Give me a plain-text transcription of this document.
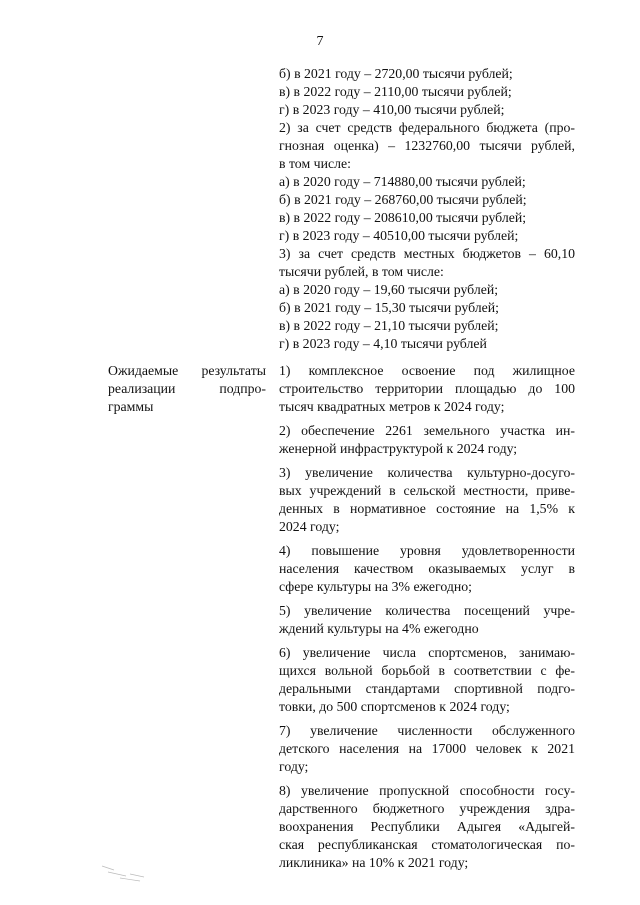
7
б) в 2021 году – 2720,00 тысячи рублей;
в) в 2022 году – 2110,00 тысячи рублей;
г) в 2023 году – 410,00 тысячи рублей;
2) за счет средств федерального бюджета (про-
гнозная оценка) – 1232760,00 тысячи рублей,
в том числе:
а) в 2020 году – 714880,00 тысячи рублей;
б) в 2021 году – 268760,00 тысячи рублей;
в) в 2022 году – 208610,00 тысячи рублей;
г) в 2023 году – 40510,00 тысячи рублей;
3) за счет средств местных бюджетов – 60,10
тысячи рублей, в том числе:
а) в 2020 году – 19,60 тысячи рублей;
б) в 2021 году – 15,30 тысячи рублей;
в) в 2022 году – 21,10 тысячи рублей;
г) в 2023 году – 4,10 тысячи рублей
Ожидаемые результаты
реализации подпро-
граммы
1) комплексное освоение под жилищное
строительство территории площадью до 100
тысяч квадратных метров к 2024 году;
2) обеспечение 2261 земельного участка ин-
женерной инфраструктурой к 2024 году;
3) увеличение количества культурно-досуго-
вых учреждений в сельской местности, приве-
денных в нормативное состояние на 1,5% к
2024 году;
4) повышение уровня удовлетворенности
населения качеством оказываемых услуг в
сфере культуры на 3% ежегодно;
5) увеличение количества посещений учре-
ждений культуры на 4% ежегодно
6) увеличение числа спортсменов, занимаю-
щихся вольной борьбой в соответствии с фе-
деральными стандартами спортивной подго-
товки, до 500 спортсменов к 2024 году;
7) увеличение численности обслуженного
детского населения на 17000 человек к 2021
году;
8) увеличение пропускной способности госу-
дарственного бюджетного учреждения здра-
воохранения Республики Адыгея «Адыгей-
ская республиканская стоматологическая по-
ликлиника» на 10% к 2021 году;
